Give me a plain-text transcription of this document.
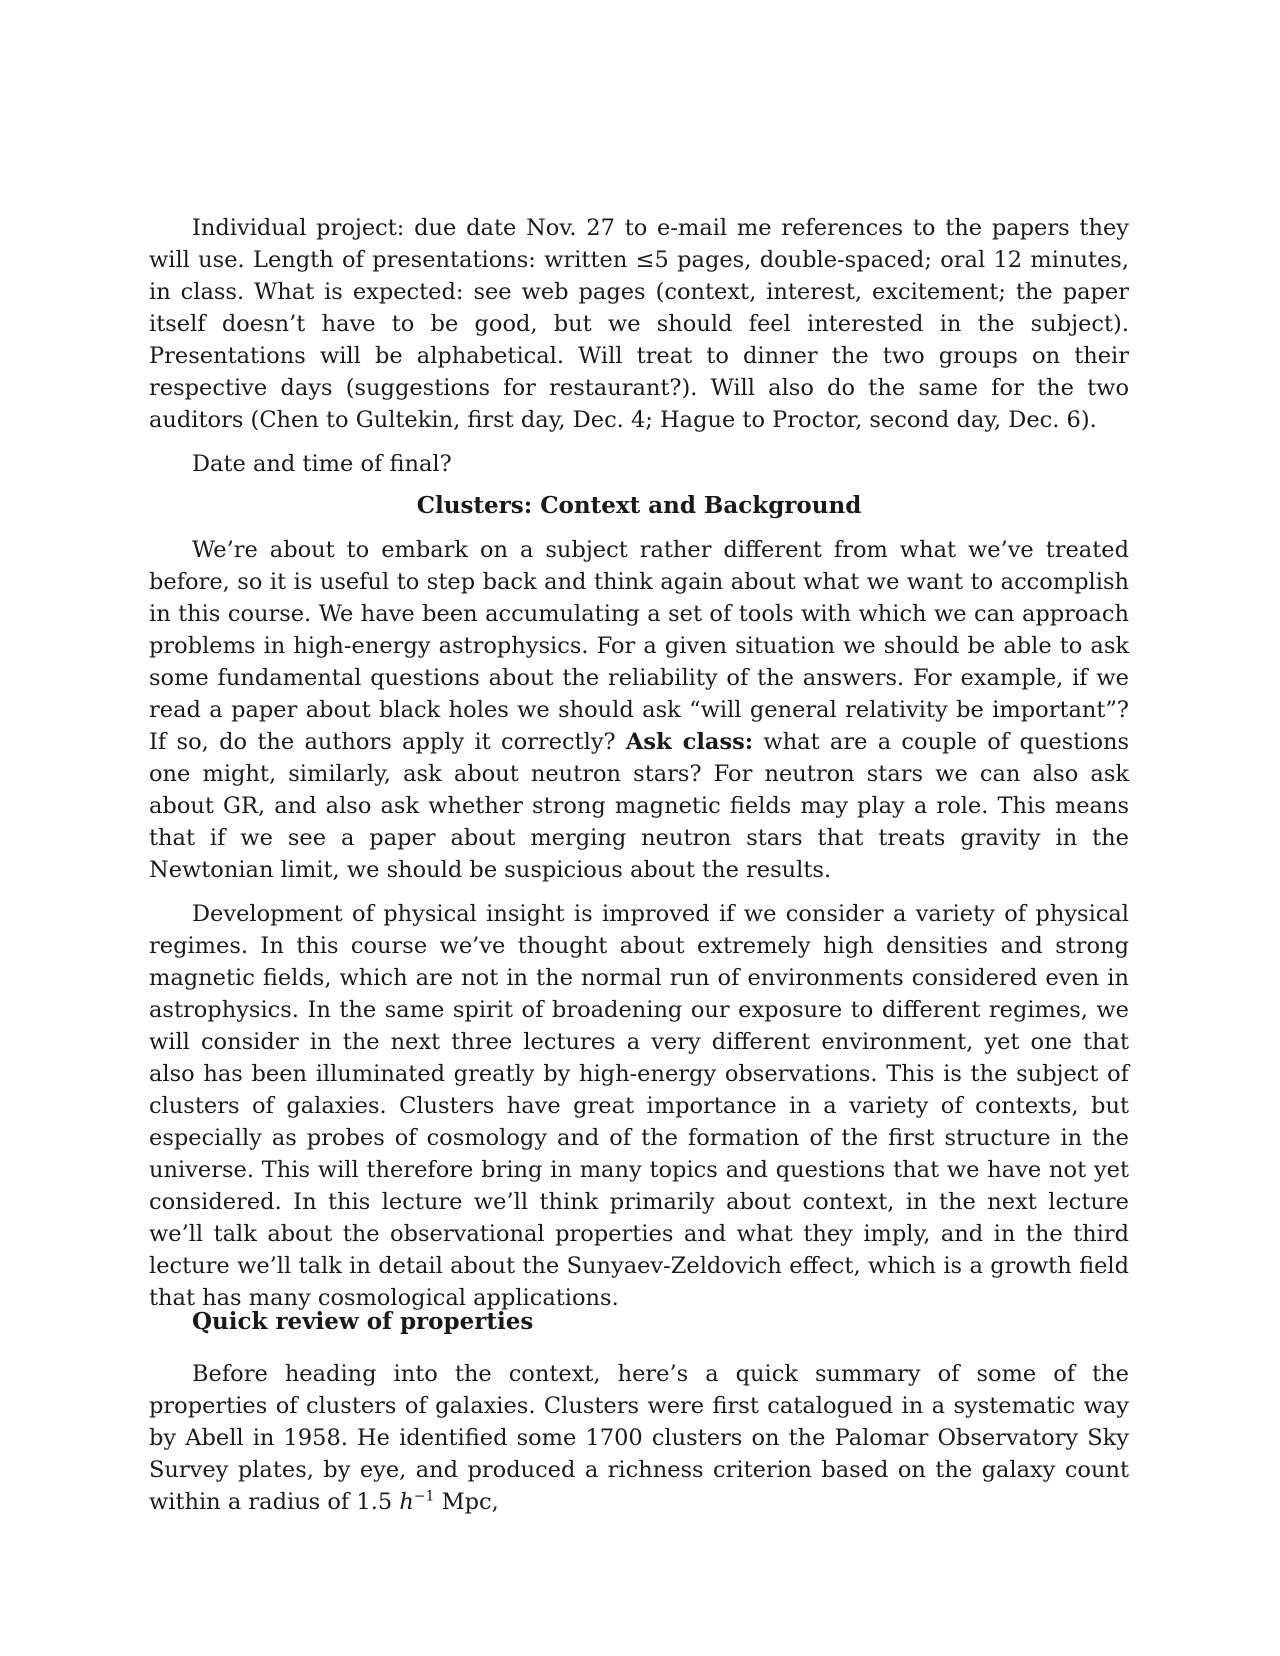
Individual project: due date Nov. 27 to e-mail me references to the papers they will use. Length of presentations: written ≤5 pages, double-spaced; oral 12 minutes, in class. What is expected: see web pages (context, interest, excitement; the paper itself doesn’t have to be good, but we should feel interested in the subject). Presentations will be alphabetical. Will treat to dinner the two groups on their respective days (suggestions for restaurant?). Will also do the same for the two auditors (Chen to Gultekin, first day, Dec. 4; Hague to Proctor, second day, Dec. 6).

Date and time of final?

Clusters: Context and Background

We’re about to embark on a subject rather different from what we’ve treated before, so it is useful to step back and think again about what we want to accomplish in this course. We have been accumulating a set of tools with which we can approach problems in high-energy astrophysics. For a given situation we should be able to ask some fundamental questions about the reliability of the answers. For example, if we read a paper about black holes we should ask “will general relativity be important”? If so, do the authors apply it correctly? Ask class: what are a couple of questions one might, similarly, ask about neutron stars? For neutron stars we can also ask about GR, and also ask whether strong magnetic fields may play a role. This means that if we see a paper about merging neutron stars that treats gravity in the Newtonian limit, we should be suspicious about the results.

Development of physical insight is improved if we consider a variety of physical regimes. In this course we’ve thought about extremely high densities and strong magnetic fields, which are not in the normal run of environments considered even in astrophysics. In the same spirit of broadening our exposure to different regimes, we will consider in the next three lectures a very different environment, yet one that also has been illuminated greatly by high-energy observations. This is the subject of clusters of galaxies. Clusters have great importance in a variety of contexts, but especially as probes of cosmology and of the formation of the first structure in the universe. This will therefore bring in many topics and questions that we have not yet considered. In this lecture we’ll think primarily about context, in the next lecture we’ll talk about the observational properties and what they imply, and in the third lecture we’ll talk in detail about the Sunyaev-Zeldovich effect, which is a growth field that has many cosmological applications.

Quick review of properties

Before heading into the context, here’s a quick summary of some of the properties of clusters of galaxies. Clusters were first catalogued in a systematic way by Abell in 1958. He identified some 1700 clusters on the Palomar Observatory Sky Survey plates, by eye, and produced a richness criterion based on the galaxy count within a radius of 1.5 $h^{-1}$ Mpc,
